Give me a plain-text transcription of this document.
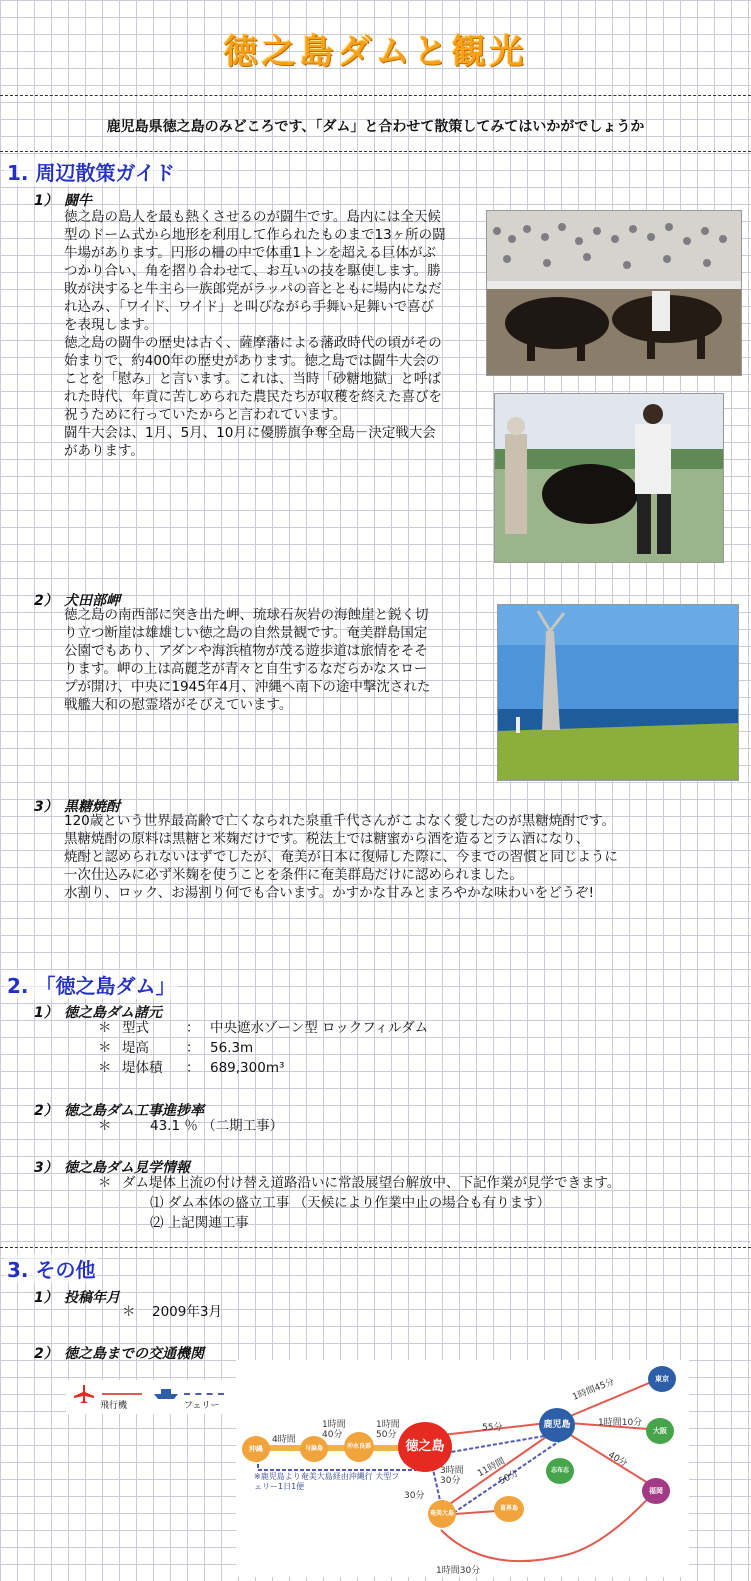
徳之島ダムと観光
鹿児島県徳之島のみどころです、「ダム」と合わせて散策してみてはいかがでしょうか
1. 周辺散策ガイド
1） 闘牛
徳之島の島人を最も熱くさせるのが闘牛です。島内には全天候型のドーム式から地形を利用して作られたものまで13ヶ所の闘牛場があります。円形の柵の中で体重1トンを超える巨体がぶつかり合い、角を摺り合わせて、お互いの技を駆使します。勝敗が決すると牛主ら一族郎党がラッパの音とともに場内になだれ込み、「ワイド、ワイド」と叫びながら手舞い足舞いで喜びを表現します。
徳之島の闘牛の歴史は古く、薩摩藩による藩政時代の頃がその始まりで、約400年の歴史があります。徳之島では闘牛大会のことを「慰み」と言います。これは、当時「砂糖地獄」と呼ばれた時代、年貢に苦しめられた農民たちが収穫を終えた喜びを祝うために行っていたからと言われています。
闘牛大会は、1月、5月、10月に優勝旗争奪全島－決定戦大会があります。
2） 犬田部岬
徳之島の南西部に突き出た岬、琉球石灰岩の海蝕崖と鋭く切り立つ断崖は雄雄しい徳之島の自然景観です。奄美群島国定公園でもあり、アダンや海浜植物が茂る遊歩道は旅情をそそります。岬の上は高麗芝が青々と自生するなだらかなスロープが開け、中央に1945年4月、沖縄へ南下の途中撃沈された戦艦大和の慰霊塔がそびえています。
3） 黒糖焼酎
120歳という世界最高齢で亡くなられた泉重千代さんがこよなく愛したのが黒糖焼酎です。
黒糖焼酎の原料は黒糖と米麹だけです。税法上では糖蜜から酒を造るとラム酒になり、
焼酎と認められないはずでしたが、奄美が日本に復帰した際に、今までの習慣と同じように
一次仕込みに必ず米麹を使うことを条件に奄美群島だけに認められました。
水割り、ロック、お湯割り何でも合います。かすかな甘みとまろやかな味わいをどうぞ!
2. 「徳之島ダム」
1） 徳之島ダム諸元
＊ 型式	： 中央遮水ゾーン型 ロックフィルダム
＊ 堤高	： 56.3m
＊ 堤体積 ： 689,300m³
2） 徳之島ダム工事進捗率
＊	43.1 ％ （二期工事）
3） 徳之島ダム見学情報
＊ ダム堤体上流の付け替え道路沿いに常設展望台解放中、下記作業が見学できます。
⑴ ダム本体の盛立工事 （天候により作業中止の場合も有ります）
⑵ 上記関連工事
3. その他
1） 投稿年月
＊ 2009年3月
2） 徳之島までの交通機関
飛行機	フェリー
沖縄	与論島	沖永良部	徳之島
鹿児島
東京
大阪
福岡
志布志
奄美大島
喜界島
1時間45分
1時間10分
40分
55分
11時間
50分
4時間
1時間 40分
1時間 50分
3時間 30分
30分
1時間30分
※鹿児島より奄美大島経由沖縄行 大型フェリー1日1便
